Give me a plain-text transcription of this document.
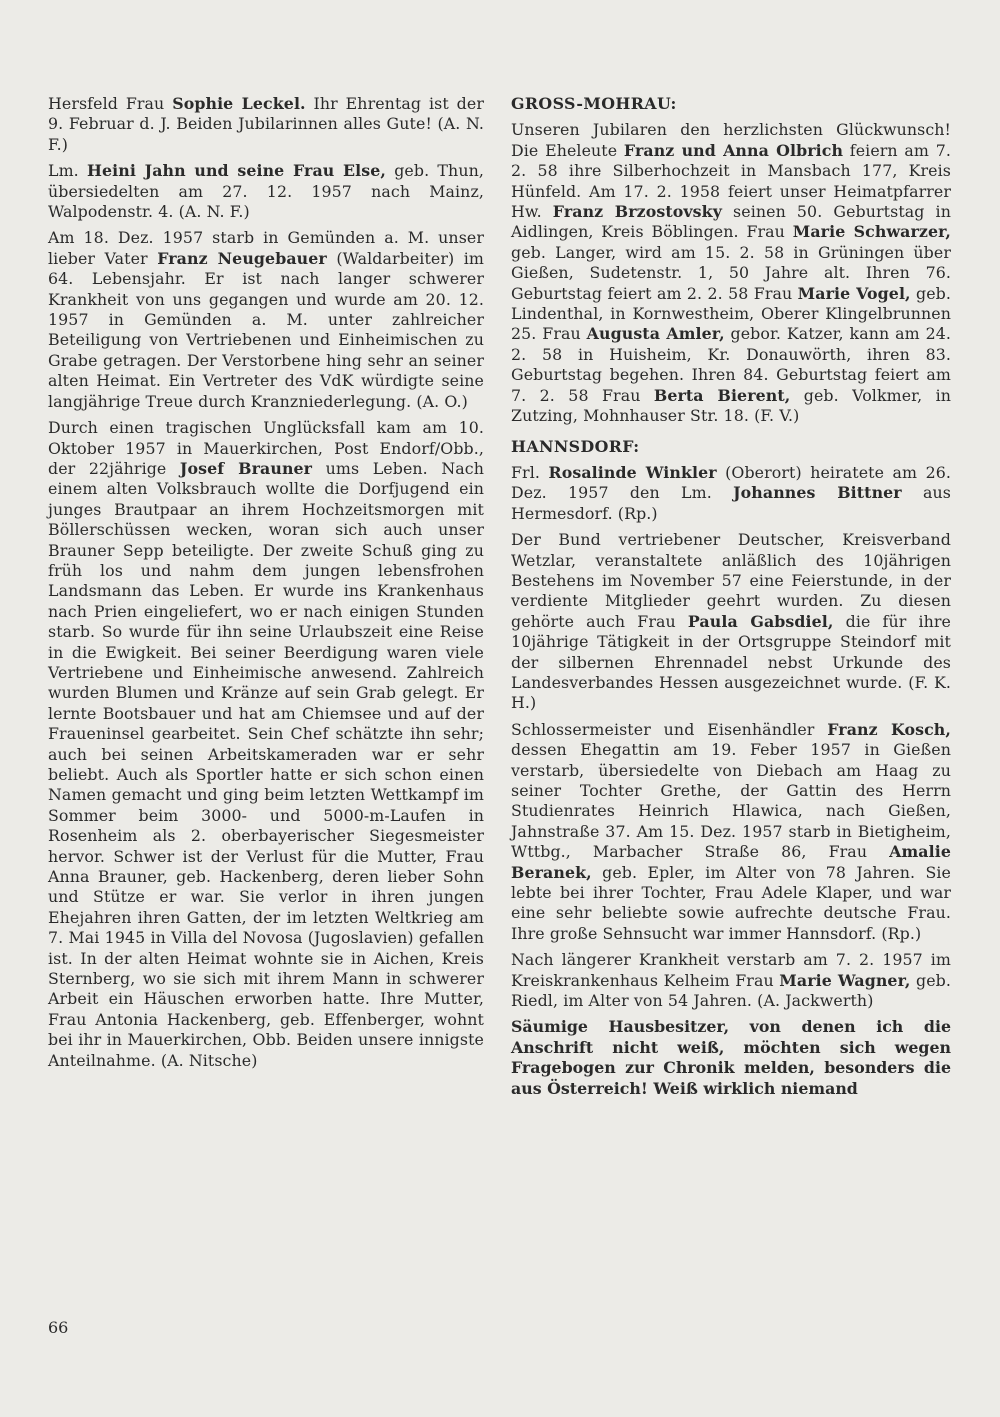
Hersfeld Frau Sophie Leckel. Ihr Ehrentag ist der 9. Februar d. J. Beiden Jubilarinnen alles Gute! (A. N. F.)

Lm. Heini Jahn und seine Frau Else, geb. Thun, übersiedelten am 27. 12. 1957 nach Mainz, Walpodenstr. 4. (A. N. F.)

Am 18. Dez. 1957 starb in Gemünden a. M. unser lieber Vater Franz Neugebauer (Waldarbeiter) im 64. Lebensjahr. Er ist nach langer schwerer Krankheit von uns gegangen und wurde am 20. 12. 1957 in Gemünden a. M. unter zahlreicher Beteiligung von Vertriebenen und Einheimischen zu Grabe getragen. Der Verstorbene hing sehr an seiner alten Heimat. Ein Vertreter des VdK würdigte seine langjährige Treue durch Kranzniederlegung. (A. O.)

Durch einen tragischen Unglücksfall kam am 10. Oktober 1957 in Mauerkirchen, Post Endorf/Obb., der 22jährige Josef Brauner ums Leben. Nach einem alten Volksbrauch wollte die Dorfjugend ein junges Brautpaar an ihrem Hochzeitsmorgen mit Böllerschüssen wecken, woran sich auch unser Brauner Sepp beteiligte. Der zweite Schuß ging zu früh los und nahm dem jungen lebensfrohen Landsmann das Leben. Er wurde ins Krankenhaus nach Prien eingeliefert, wo er nach einigen Stunden starb. So wurde für ihn seine Urlaubszeit eine Reise in die Ewigkeit. Bei seiner Beerdigung waren viele Vertriebene und Einheimische anwesend. Zahlreich wurden Blumen und Kränze auf sein Grab gelegt. Er lernte Bootsbauer und hat am Chiemsee und auf der Fraueninsel gearbeitet. Sein Chef schätzte ihn sehr; auch bei seinen Arbeitskameraden war er sehr beliebt. Auch als Sportler hatte er sich schon einen Namen gemacht und ging beim letzten Wettkampf im Sommer beim 3000- und 5000-m-Laufen in Rosenheim als 2. oberbayerischer Siegesmeister hervor. Schwer ist der Verlust für die Mutter, Frau Anna Brauner, geb. Hackenberg, deren lieber Sohn und Stütze er war. Sie verlor in ihren jungen Ehejahren ihren Gatten, der im letzten Weltkrieg am 7. Mai 1945 in Villa del Novosa (Jugoslavien) gefallen ist. In der alten Heimat wohnte sie in Aichen, Kreis Sternberg, wo sie sich mit ihrem Mann in schwerer Arbeit ein Häuschen erworben hatte. Ihre Mutter, Frau Antonia Hackenberg, geb. Effenberger, wohnt bei ihr in Mauerkirchen, Obb. Beiden unsere innigste Anteilnahme. (A. Nitsche)

GROSS-MOHRAU:

Unseren Jubilaren den herzlichsten Glückwunsch! Die Eheleute Franz und Anna Olbrich feiern am 7. 2. 58 ihre Silberhochzeit in Mansbach 177, Kreis Hünfeld. Am 17. 2. 1958 feiert unser Heimatpfarrer Hw. Franz Brzostovsky seinen 50. Geburtstag in Aidlingen, Kreis Böblingen. Frau Marie Schwarzer, geb. Langer, wird am 15. 2. 58 in Grüningen über Gießen, Sudetenstr. 1, 50 Jahre alt. Ihren 76. Geburtstag feiert am 2. 2. 58 Frau Marie Vogel, geb. Lindenthal, in Kornwestheim, Oberer Klingelbrunnen 25. Frau Augusta Amler, gebor. Katzer, kann am 24. 2. 58 in Huisheim, Kr. Donauwörth, ihren 83. Geburtstag begehen. Ihren 84. Geburtstag feiert am 7. 2. 58 Frau Berta Bierent, geb. Volkmer, in Zutzing, Mohnhauser Str. 18. (F. V.)

HANNSDORF:

Frl. Rosalinde Winkler (Oberort) heiratete am 26. Dez. 1957 den Lm. Johannes Bittner aus Hermesdorf. (Rp.)

Der Bund vertriebener Deutscher, Kreisverband Wetzlar, veranstaltete anläßlich des 10jährigen Bestehens im November 57 eine Feierstunde, in der verdiente Mitglieder geehrt wurden. Zu diesen gehörte auch Frau Paula Gabsdiel, die für ihre 10jährige Tätigkeit in der Ortsgruppe Steindorf mit der silbernen Ehrennadel nebst Urkunde des Landesverbandes Hessen ausgezeichnet wurde. (F. K. H.)

Schlossermeister und Eisenhändler Franz Kosch, dessen Ehegattin am 19. Feber 1957 in Gießen verstarb, übersiedelte von Diebach am Haag zu seiner Tochter Grethe, der Gattin des Herrn Studienrates Heinrich Hlawica, nach Gießen, Jahnstraße 37. Am 15. Dez. 1957 starb in Bietigheim, Wttbg., Marbacher Straße 86, Frau Amalie Beranek, geb. Epler, im Alter von 78 Jahren. Sie lebte bei ihrer Tochter, Frau Adele Klaper, und war eine sehr beliebte sowie aufrechte deutsche Frau. Ihre große Sehnsucht war immer Hannsdorf. (Rp.)

Nach längerer Krankheit verstarb am 7. 2. 1957 im Kreiskrankenhaus Kelheim Frau Marie Wagner, geb. Riedl, im Alter von 54 Jahren. (A. Jackwerth)

Säumige Hausbesitzer, von denen ich die Anschrift nicht weiß, möchten sich wegen Fragebogen zur Chronik melden, besonders die aus Österreich! Weiß wirklich niemand

66
